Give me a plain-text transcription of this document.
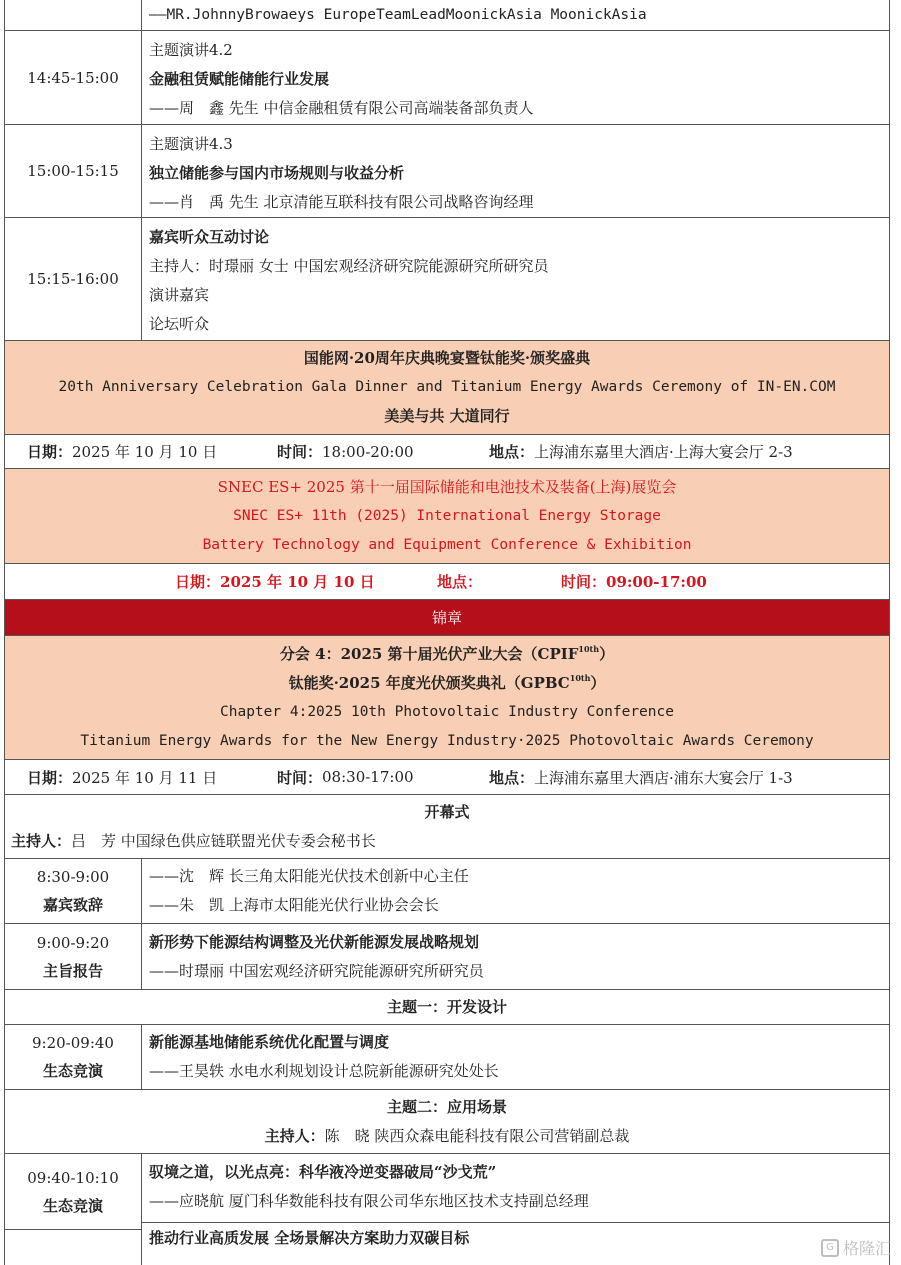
——MR.JohnnyBrowaeys EuropeTeamLeadMoonickAsia MoonickAsia
14:45-15:00
主题演讲4.2
金融租赁赋能储能行业发展
——周　鑫 先生 中信金融租赁有限公司高端装备部负责人
15:00-15:15
主题演讲4.3
独立储能参与国内市场规则与收益分析
——肖　禹 先生 北京清能互联科技有限公司战略咨询经理
15:15-16:00
嘉宾听众互动讨论
主持人：时璟丽 女士 中国宏观经济研究院能源研究所研究员
演讲嘉宾
论坛听众
国能网·20周年庆典晚宴暨钛能奖·颁奖盛典
20th Anniversary Celebration Gala Dinner and Titanium Energy Awards Ceremony of IN-EN.COM
美美与共 大道同行
日期： 2025 年 10 月 10 日	时间： 18:00-20:00	地点： 上海浦东嘉里大酒店·上海大宴会厅 2-3
SNEC ES+ 2025 第十一届国际储能和电池技术及装备(上海)展览会
SNEC ES+ 11th (2025) International Energy Storage
Battery Technology and Equipment Conference & Exhibition
日期： 2025 年 10 月 10 日	地点：	时间： 09:00-17:00
锦章
分会 4：2025 第十届光伏产业大会$(CPIF^{10th})$
钛能奖·2025 年度光伏颁奖典礼$(GPBC^{10th})$
Chapter 4:2025 10th Photovoltaic Industry Conference
Titanium Energy Awards for the New Energy Industry·2025 Photovoltaic Awards Ceremony
日期： 2025 年 10 月 11 日	时间： 08:30-17:00	地点： 上海浦东嘉里大酒店·浦东大宴会厅 1-3
开幕式
主持人：吕　芳 中国绿色供应链联盟光伏专委会秘书长
8:30-9:00
嘉宾致辞
——沈　辉 长三角太阳能光伏技术创新中心主任
——朱　凯 上海市太阳能光伏行业协会会长
9:00-9:20
主旨报告
新形势下能源结构调整及光伏新能源发展战略规划
——时璟丽 中国宏观经济研究院能源研究所研究员
主题一：开发设计
9:20-09:40
生态竞演
新能源基地储能系统优化配置与调度
——王昊轶 水电水利规划设计总院新能源研究处处长
主题二：应用场景
主持人：陈　晓 陕西众森电能科技有限公司营销副总裁
09:40-10:10
生态竞演
驭境之道，以光点亮：科华液冷逆变器破局“沙戈荒”
——应晓航 厦门科华数能科技有限公司华东地区技术支持副总经理
推动行业高质发展 全场景解决方案助力双碳目标	G 格隆汇
